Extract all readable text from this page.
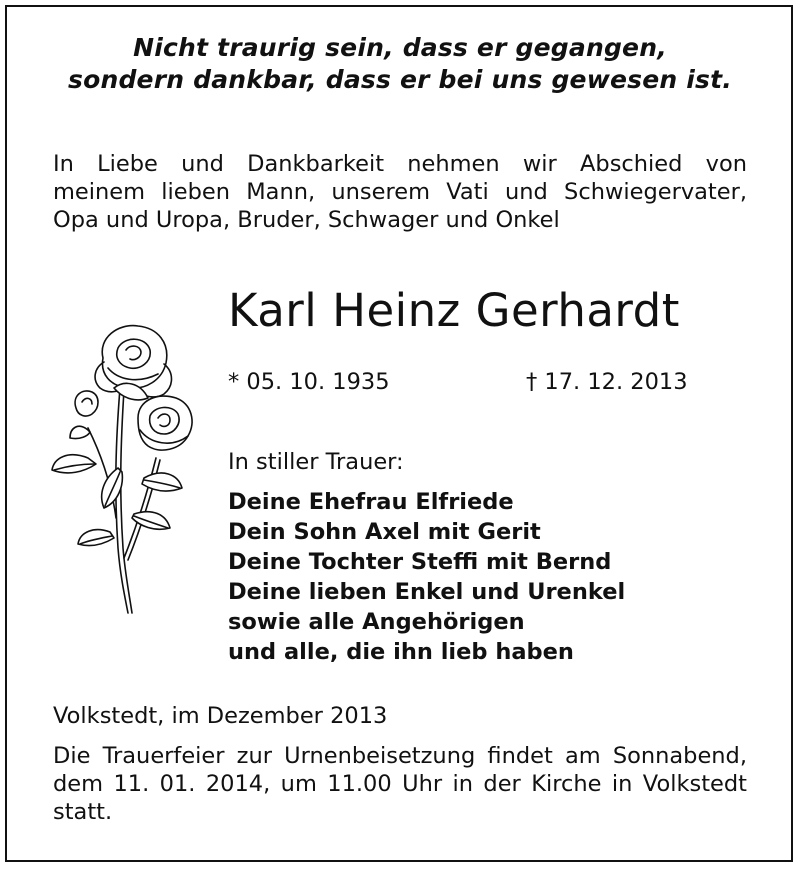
Nicht traurig sein, dass er gegangen,
sondern dankbar, dass er bei uns gewesen ist.
In Liebe und Dankbarkeit nehmen wir Abschied von
meinem lieben Mann, unserem Vati und Schwiegervater,
Opa und Uropa, Bruder, Schwager und Onkel
Karl Heinz Gerhardt
* 05. 10. 1935	† 17. 12. 2013
In stiller Trauer:
Deine Ehefrau Elfriede
Dein Sohn Axel mit Gerit
Deine Tochter Steffi mit Bernd
Deine lieben Enkel und Urenkel
sowie alle Angehörigen
und alle, die ihn lieb haben
Volkstedt, im Dezember 2013
Die Trauerfeier zur Urnenbeisetzung findet am Sonnabend,
dem 11. 01. 2014, um 11.00 Uhr in der Kirche in Volkstedt
statt.
